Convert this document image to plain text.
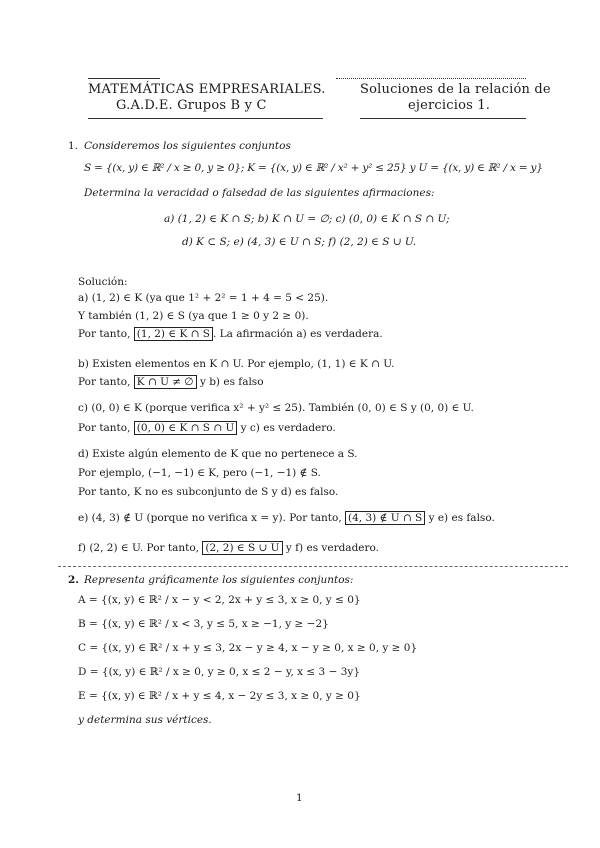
MATEMÁTICAS EMPRESARIALES.
G.A.D.E. Grupos B y C
Soluciones de la relación de
ejercicios 1.
1. Consideremos los siguientes conjuntos
S = {(x, y) ∈ ℝ² / x ≥ 0, y ≥ 0}; K = {(x, y) ∈ ℝ² / x² + y² ≤ 25} y U = {(x, y) ∈ ℝ² / x = y}
Determina la veracidad o falsedad de las siguientes afirmaciones:
a) (1, 2) ∈ K ∩ S; b) K ∩ U = ∅; c) (0, 0) ∈ K ∩ S ∩ U;
d) K ⊂ S; e) (4, 3) ∈ U ∩ S; f) (2, 2) ∈ S ∪ U.
Solución:
a) (1, 2) ∈ K (ya que 1² + 2² = 1 + 4 = 5 < 25).
Y también (1, 2) ∈ S (ya que 1 ≥ 0 y 2 ≥ 0).
Por tanto, (1, 2) ∈ K ∩ S . La afirmación a) es verdadera.
b) Existen elementos en K ∩ U. Por ejemplo, (1, 1) ∈ K ∩ U.
Por tanto, K ∩ U ≠ ∅ y b) es falso
c) (0, 0) ∈ K (porque verifica x² + y² ≤ 25). También (0, 0) ∈ S y (0, 0) ∈ U.
Por tanto, (0, 0) ∈ K ∩ S ∩ U y c) es verdadero.
d) Existe algún elemento de K que no pertenece a S.
Por ejemplo, (−1, −1) ∈ K, pero (−1, −1) ∉ S.
Por tanto, K no es subconjunto de S y d) es falso.
e) (4, 3) ∉ U (porque no verifica x = y). Por tanto, (4, 3) ∉ U ∩ S y e) es falso.
f) (2, 2) ∈ U. Por tanto, (2, 2) ∈ S ∪ U y f) es verdadero.
2. Representa gráficamente los siguientes conjuntos:
A = {(x, y) ∈ ℝ² / x − y < 2, 2x + y ≤ 3, x ≥ 0, y ≤ 0}
B = {(x, y) ∈ ℝ² / x < 3, y ≤ 5, x ≥ −1, y ≥ −2}
C = {(x, y) ∈ ℝ² / x + y ≤ 3, 2x − y ≥ 4, x − y ≥ 0, x ≥ 0, y ≥ 0}
D = {(x, y) ∈ ℝ² / x ≥ 0, y ≥ 0, x ≤ 2 − y, x ≤ 3 − 3y}
E = {(x, y) ∈ ℝ² / x + y ≤ 4, x − 2y ≤ 3, x ≥ 0, y ≥ 0}
y determina sus vértices.
1
